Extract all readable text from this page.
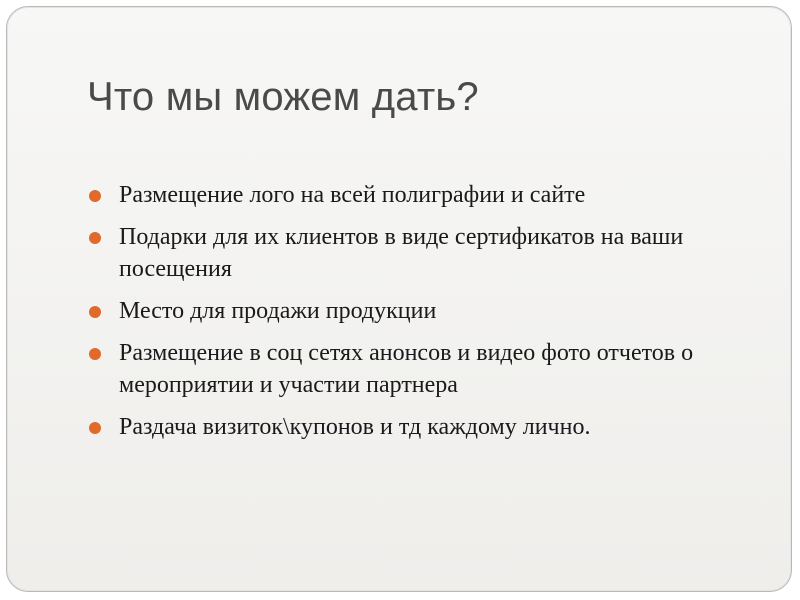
Что мы можем дать?
Размещение лого на всей полиграфии и сайте
Подарки для их клиентов в виде сертификатов на ваши посещения
Место для продажи продукции
Размещение в соц сетях анонсов и видео фото отчетов о мероприятии и участии партнера
Раздача визиток\купонов и тд каждому лично.
